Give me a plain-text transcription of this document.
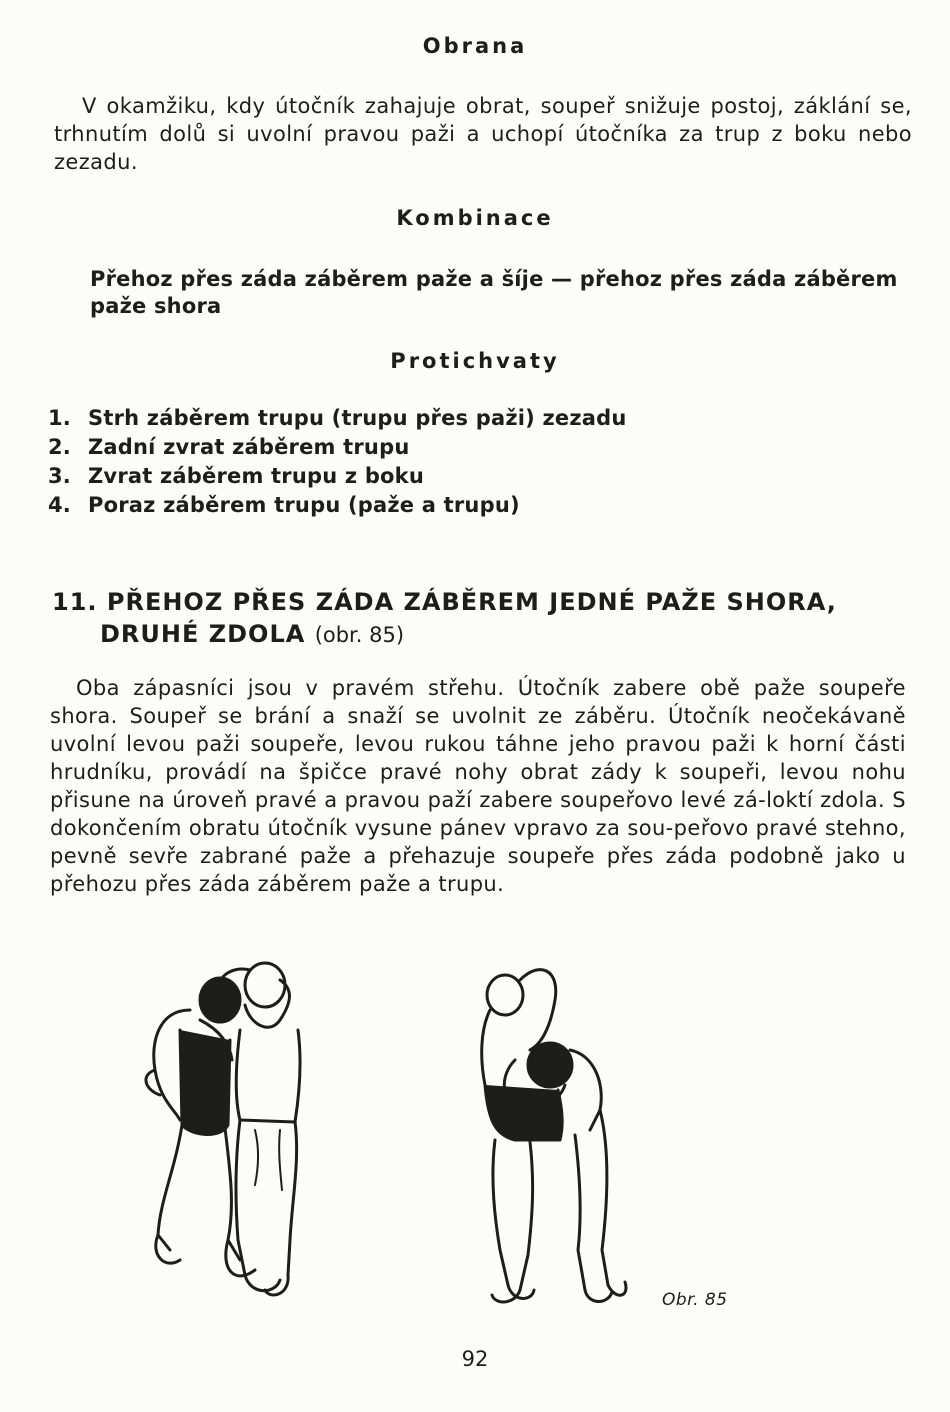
Obrana
V okamžiku, kdy útočník zahajuje obrat, soupeř snižuje postoj, záklání se, trhnutím dolů si uvolní pravou paži a uchopí útočníka za trup z boku nebo zezadu.
Kombinace
Přehoz přes záda záběrem paže a šíje — přehoz přes záda záběrem paže shora
Protichvaty
1. Strh záběrem trupu (trupu přes paži) zezadu
2. Zadní zvrat záběrem trupu
3. Zvrat záběrem trupu z boku
4. Poraz záběrem trupu (paže a trupu)
11. PŘEHOZ PŘES ZÁDA ZÁBĚREM JEDNÉ PAŽE SHORA,
DRUHÉ ZDOLA (obr. 85)
Oba zápasníci jsou v pravém střehu. Útočník zabere obě paže soupeře shora. Soupeř se brání a snaží se uvolnit ze záběru. Útočník neočekávaně uvolní levou paži soupeře, levou rukou táhne jeho pravou paži k horní části hrudníku, provádí na špičce pravé nohy obrat zády k soupeři, levou nohu přisune na úroveň pravé a pravou paží zabere soupeřovo levé zá-loktí zdola. S dokončením obratu útočník vysune pánev vpravo za sou-peřovo pravé stehno, pevně sevře zabrané paže a přehazuje soupeře přes záda podobně jako u přehozu přes záda záběrem paže a trupu.
Obr. 85
92
